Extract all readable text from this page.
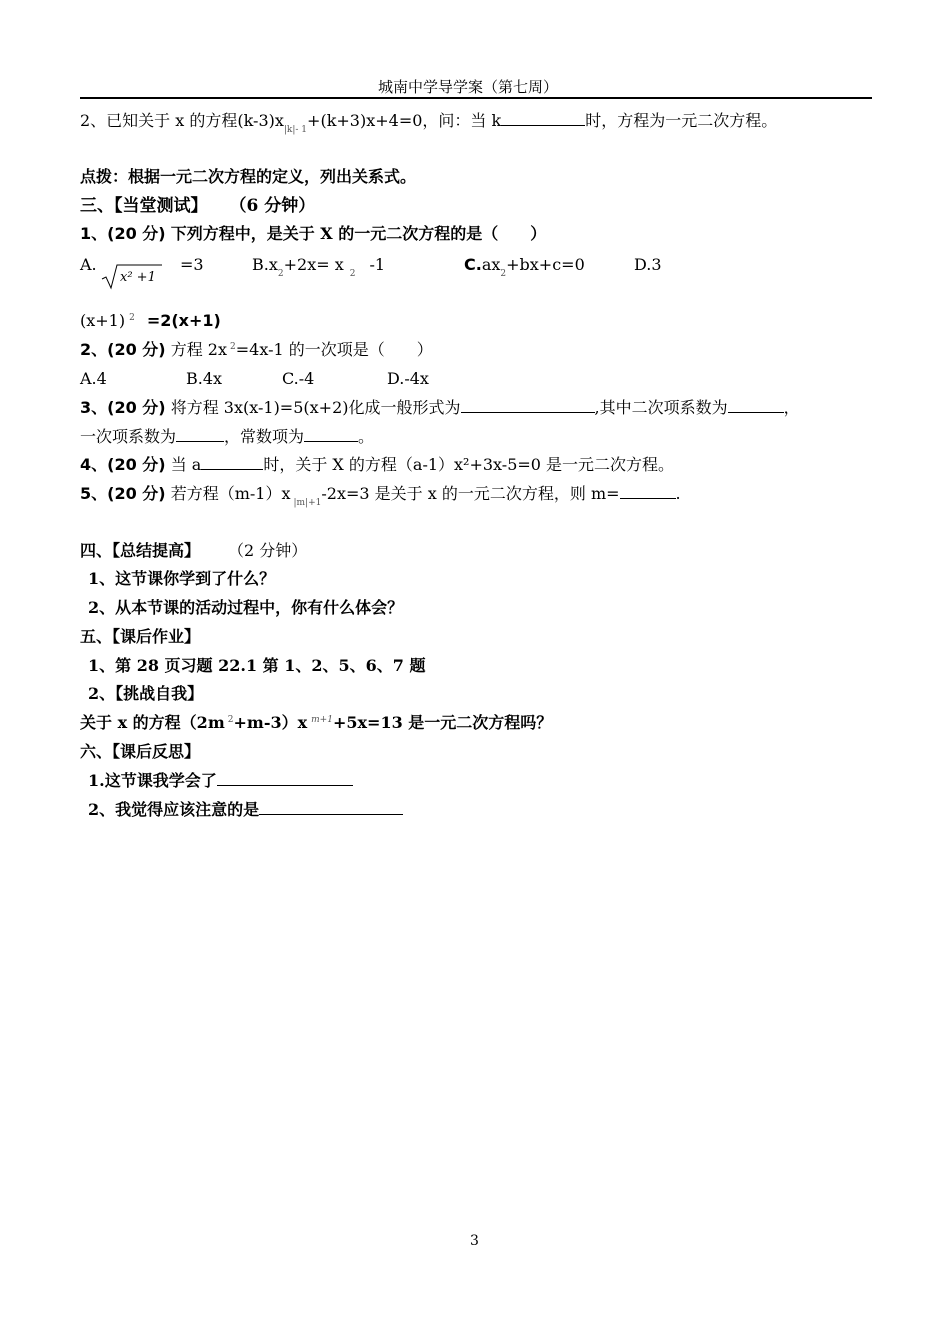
城南中学导学案（第七周）
2、已知关于 x 的方程$(k-3)x_{|k|- 1}+(k+3)x+4=0$，问：当 k	时，方程为一元二次方程。
点拨：根据一元二次方程的定义，列出关系式。
三、【当堂测试】 （6 分钟）
1、(20 分) 下列方程中，是关于 X 的一元二次方程的是（　　）
A.
x² +1
=3	$B.x_2+2x= x$ $_2$ -1	$C.ax_2+bx+c=0$	D.3
(x+1) $^2$ =2(x+1)
2、(20 分) 方程 2x $^2$=4x-1 的一次项是（　　）
A.4	B.4x	C.-4	D.-4x
3、(20 分) 将方程 3x(x-1)=5(x+2)化成一般形式为	,其中二次项系数为	，
一次项系数为	，常数项为	。
4、(20 分) 当 a	时，关于 X 的方程（a-1）x²+3x-5=0 是一元二次方程。
5、(20 分) 若方程（m-1）x $_{|m|+1}$-2x=3 是关于 x 的一元二次方程，则 m=	.
四、【总结提高】 （2 分钟）
1、这节课你学到了什么？
2、从本节课的活动过程中，你有什么体会？
五、【课后作业】
1、第 28 页习题 22.1 第 1、2、5、6、7 题
2、【挑战自我】
关于 x 的方程（2m $^2$+m-3）x $^{m+1}$+5x=13 是一元二次方程吗？
六、【课后反思】
1.这节课我学会了
2、我觉得应该注意的是
3
